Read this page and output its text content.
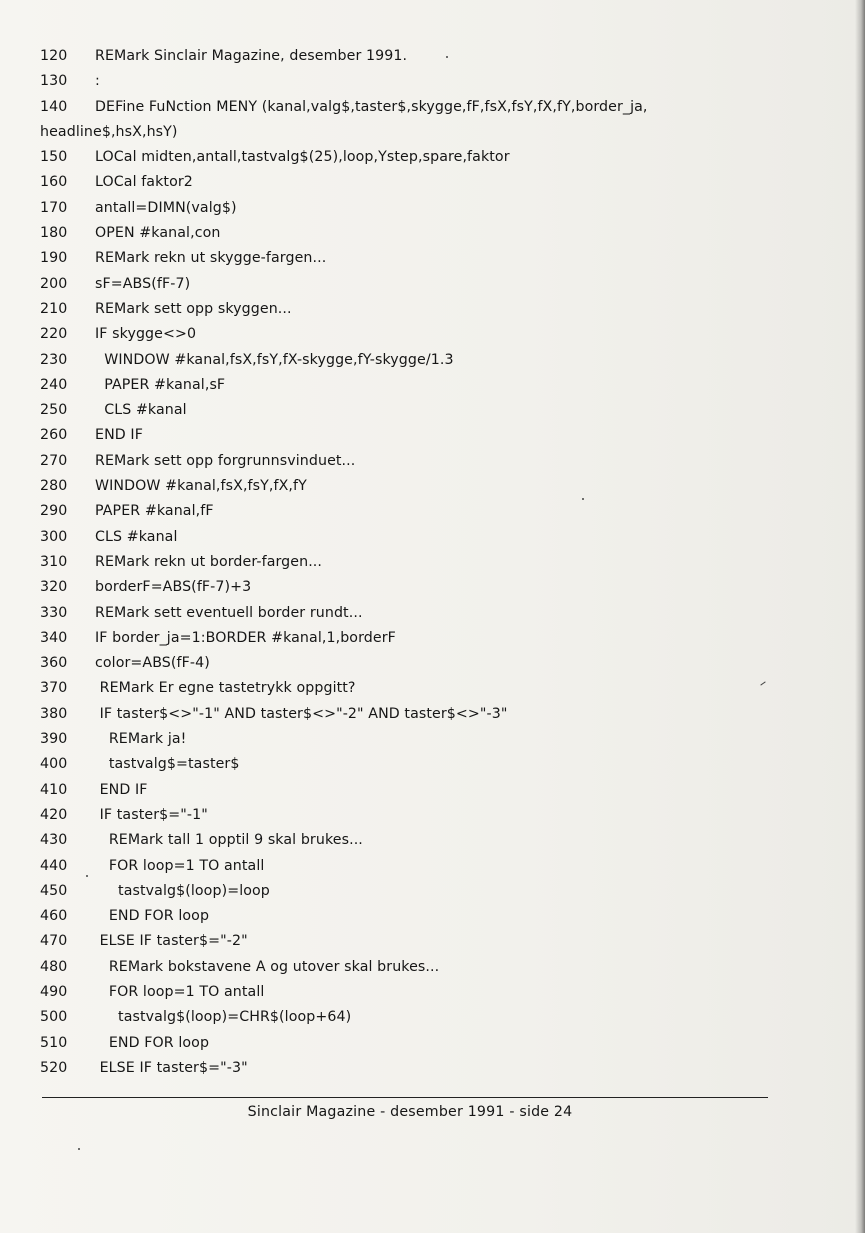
120 REMark Sinclair Magazine, desember 1991.
130 :
140 DEFine FuNction MENY (kanal,valg$,taster$,skygge,fF,fsX,fsY,fX,fY,border_ja,
headline$,hsX,hsY)
150 LOCal midten,antall,tastvalg$(25),loop,Ystep,spare,faktor
160 LOCal faktor2
170 antall=DIMN(valg$)
180 OPEN #kanal,con
190 REMark rekn ut skygge-fargen...
200 sF=ABS(fF-7)
210 REMark sett opp skyggen...
220 IF skygge<>0
230 WINDOW #kanal,fsX,fsY,fX-skygge,fY-skygge/1.3
240 PAPER #kanal,sF
250 CLS #kanal
260 END IF
270 REMark sett opp forgrunnsvinduet...
280 WINDOW #kanal,fsX,fsY,fX,fY
290 PAPER #kanal,fF
300 CLS #kanal
310 REMark rekn ut border-fargen...
320 borderF=ABS(fF-7)+3
330 REMark sett eventuell border rundt...
340 IF border_ja=1:BORDER #kanal,1,borderF
360 color=ABS(fF-4)
370 REMark Er egne tastetrykk oppgitt?
380 IF taster$<>"-1" AND taster$<>"-2" AND taster$<>"-3"
390 REMark ja!
400 tastvalg$=taster$
410 END IF
420 IF taster$="-1"
430 REMark tall 1 opptil 9 skal brukes...
440 FOR loop=1 TO antall
450 tastvalg$(loop)=loop
460 END FOR loop
470 ELSE IF taster$="-2"
480 REMark bokstavene A og utover skal brukes...
490 FOR loop=1 TO antall
500 tastvalg$(loop)=CHR$(loop+64)
510 END FOR loop
520 ELSE IF taster$="-3"
Sinclair Magazine - desember 1991 - side 24
